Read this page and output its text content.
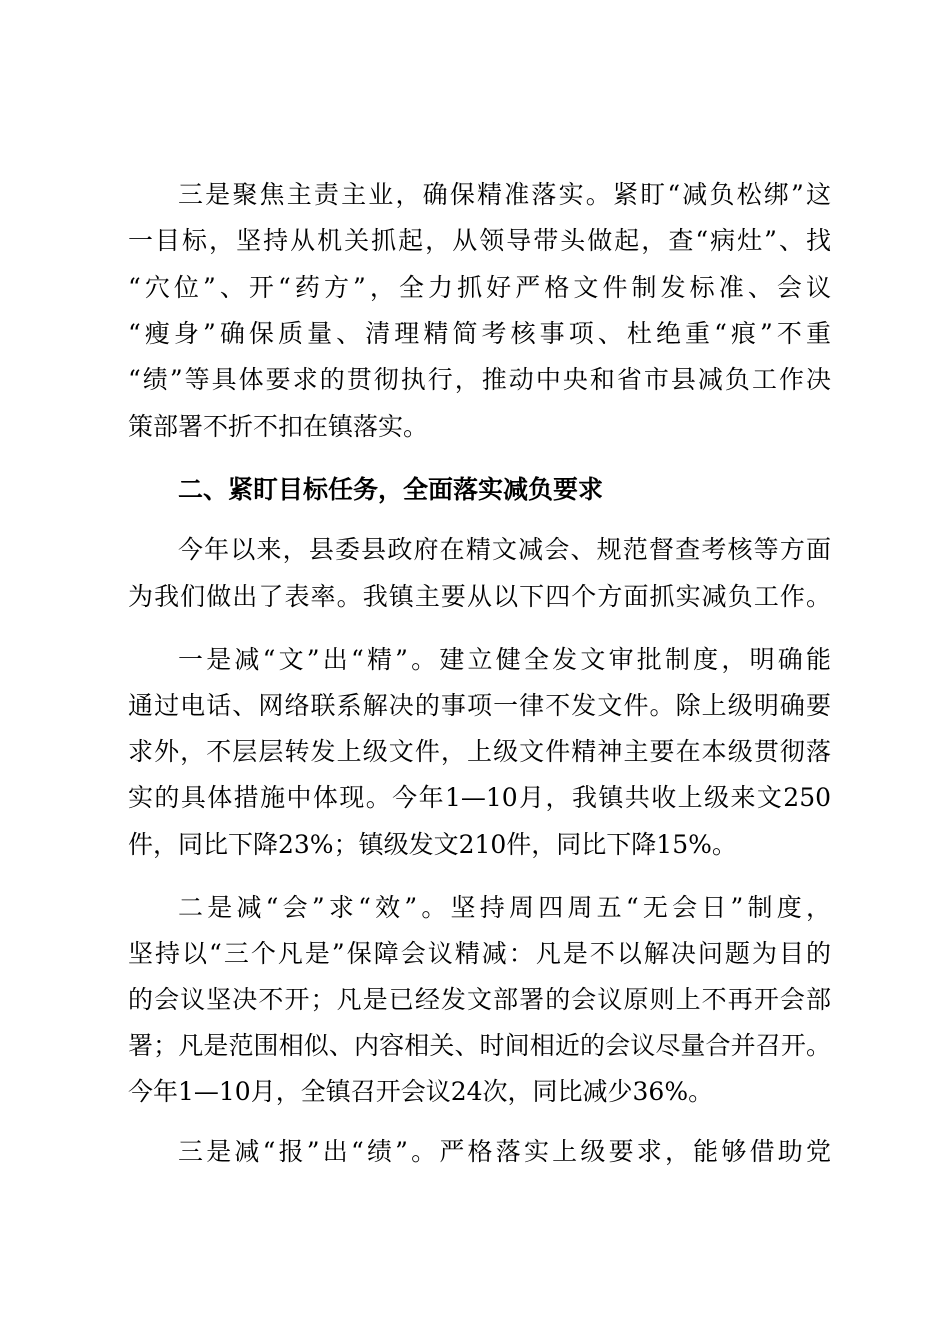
三是聚焦主责主业，确保精准落实。紧盯“减负松绑”这
一目标，坚持从机关抓起，从领导带头做起，查“病灶”、找
“穴位”、开“药方”，全力抓好严格文件制发标准、会议
“瘦身”确保质量、清理精简考核事项、杜绝重“痕”不重
“绩”等具体要求的贯彻执行，推动中央和省市县减负工作决
策部署不折不扣在镇落实。
二、紧盯目标任务，全面落实减负要求
今年以来，县委县政府在精文减会、规范督查考核等方面
为我们做出了表率。我镇主要从以下四个方面抓实减负工作。
一是减“文”出“精”。建立健全发文审批制度，明确能
通过电话、网络联系解决的事项一律不发文件。除上级明确要
求外，不层层转发上级文件，上级文件精神主要在本级贯彻落
实的具体措施中体现。今年1—10月，我镇共收上级来文250
件，同比下降23%；镇级发文210件，同比下降15%。
二是减“会”求“效”。坚持周四周五“无会日”制度，
坚持以“三个凡是”保障会议精减：凡是不以解决问题为目的
的会议坚决不开；凡是已经发文部署的会议原则上不再开会部
署；凡是范围相似、内容相关、时间相近的会议尽量合并召开。
今年1—10月，全镇召开会议24次，同比减少36%。
三是减“报”出“绩”。严格落实上级要求，能够借助党
